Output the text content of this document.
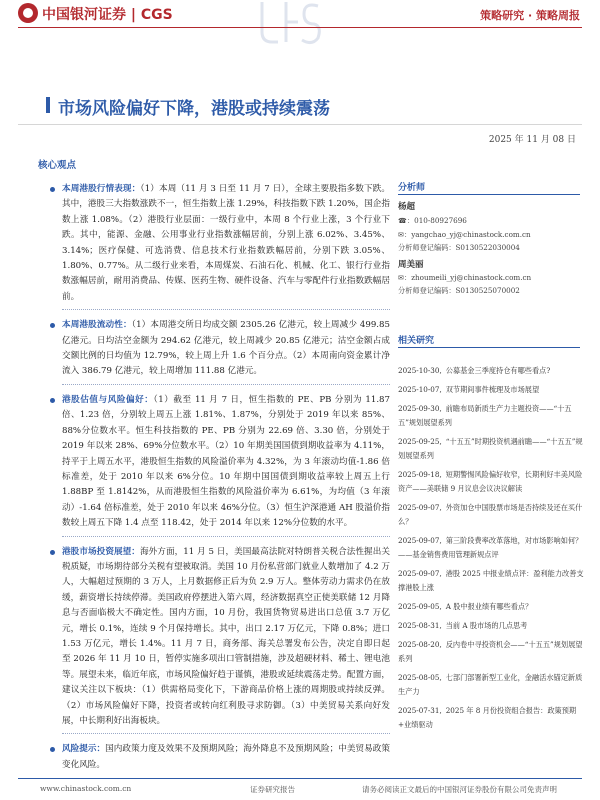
中国银河证券 | CGS	策略研究 · 策略周报
市场风险偏好下降，港股或持续震荡
2025 年 11 月 08 日
核心观点
本周港股行情表现：（1）本周（11 月 3 日至 11 月 7 日），全球主要股指多数下跌。其中，港股三大指数涨跌不一，恒生指数上涨 1.29%，科技指数下跌 1.20%，国企指数上涨 1.08%。（2）港股行业层面：一级行业中，本周 8 个行业上涨，3 个行业下跌。其中，能源、金融、公用事业行业指数涨幅居前，分别上涨 6.02%、3.45%、3.14%；医疗保健、可选消费、信息技术行业指数跌幅居前，分别下跌 3.05%、1.80%、0.77%。从二级行业来看，本周煤炭、石油石化、机械、化工、银行行业指数涨幅居前，耐用消费品、传媒、医药生物、硬件设备、汽车与零配件行业指数跌幅居前。
本周港股流动性：（1）本周港交所日均成交额 2305.26 亿港元，较上周减少 499.85 亿港元。日均沽空金额为 294.62 亿港元，较上周减少 20.85 亿港元；沽空金额占成交额比例的日均值为 12.79%，较上周上升 1.6 个百分点。（2）本周南向资金累计净流入 386.79 亿港元，较上周增加 111.88 亿港元。
港股估值与风险偏好：（1）截至 11 月 7 日，恒生指数的 PE、PB 分别为 11.87 倍、1.23 倍，分别较上周五上涨 1.81%、1.87%，分别处于 2019 年以来 85%、88%分位数水平。恒生科技指数的 PE、PB 分别为 22.69 倍、3.30 倍，分别处于 2019 年以来 28%、69%分位数水平。（2）10 年期美国国债到期收益率为 4.11%，持平于上周五水平，港股恒生指数的风险溢价率为 4.32%，为 3 年滚动均值-1.86 倍标准差，处于 2010 年以来 6%分位。10 年期中国国债到期收益率较上周五上行 1.88BP 至 1.8142%，从而港股恒生指数的风险溢价率为 6.61%，为均值（3 年滚动）-1.64 倍标准差，处于 2010 年以来 46%分位。（3）恒生沪深港通 AH 股溢价指数较上周五下降 1.4 点至 118.42，处于 2014 年以来 12%分位数的水平。
港股市场投资展望：海外方面，11 月 5 日，美国最高法院对特朗普关税合法性握出关税质疑，市场期待部分关税有望被取消。美国 10 月份私营部门就业人数增加了 4.2 万人，大幅超过预期的 3 万人，上月数据修正后为负 2.9 万人。整体劳动力需求仍在放缓，薪资增长持续停滞。美国政府停摆进入第六周，经济数据真空正使美联储 12 月降息与否面临极大不确定性。国内方面，10 月份，我国货物贸易进出口总值 3.7 万亿元，增长 0.1%，连续 9 个月保持增长。其中，出口 2.17 万亿元，下降 0.8%；进口 1.53 万亿元，增长 1.4%。11 月 7 日，商务部、海关总署发布公告，决定自即日起至 2026 年 11 月 10 日，暂停实施多项出口管制措施，涉及超硬材料、稀土、锂电池等。展望未来，临近年底，市场风险偏好趋于谨慎，港股或延续震荡走势。配置方面，建议关注以下板块：（1）供需格局变化下，下游商品价格上涨的周期股或持续反弹。（2）市场风险偏好下降，投资者或转向红利股寻求防御。（3）中美贸易关系向好发展，中长期利好出海板块。
风险提示：国内政策力度及效果不及预期风险；海外降息不及预期风险；中美贸易政策变化风险。
分析师
杨超
☎：010-80927696
✉：yangchao_yj@chinastock.com.cn
分析师登记编码：S0130522030004
周美丽
✉：zhoumeili_yj@chinastock.com.cn
分析师登记编码：S0130525070002
相关研究
2025-10-30, 公募基金三季度持仓有哪些看点?
2025-10-07, 双节期间事件梳理及市场展望
2025-09-30, 前瞻布局新质生产力主题投资——“十五五”规划展望系列
2025-09-25, “十五五”时期投资机遇前瞻——“十五五”规划展望系列
2025-09-18, 短期警惕风险偏好收窄，长期利好丰美风险资产——美联储 9 月议息会议决议解读
2025-09-07, 外资加仓中国股票市场是否持续及还在买什么？
2025-09-07, 第三阶段费率改革落地，对市场影响如何？——基金销售费用管理新规点评
2025-09-07, 港股 2025 中报业绩点评：盈利能力改善支撑港股上涨
2025-09-05, A 股中报业绩有哪些看点？
2025-08-31, 当前 A 股市场的几点思考
2025-08-20, 反内卷中寻投资机会——“十五五”规划展望系列
2025-08-05, 七部门部署新型工业化，金融活水锚定新质生产力
2025-07-31, 2025 年 8 月份投资组合报告：政策预期+业绩驱动
www.chinastock.com.cn	证券研究报告	请务必阅读正文最后的中国银河证券股份有限公司免责声明
